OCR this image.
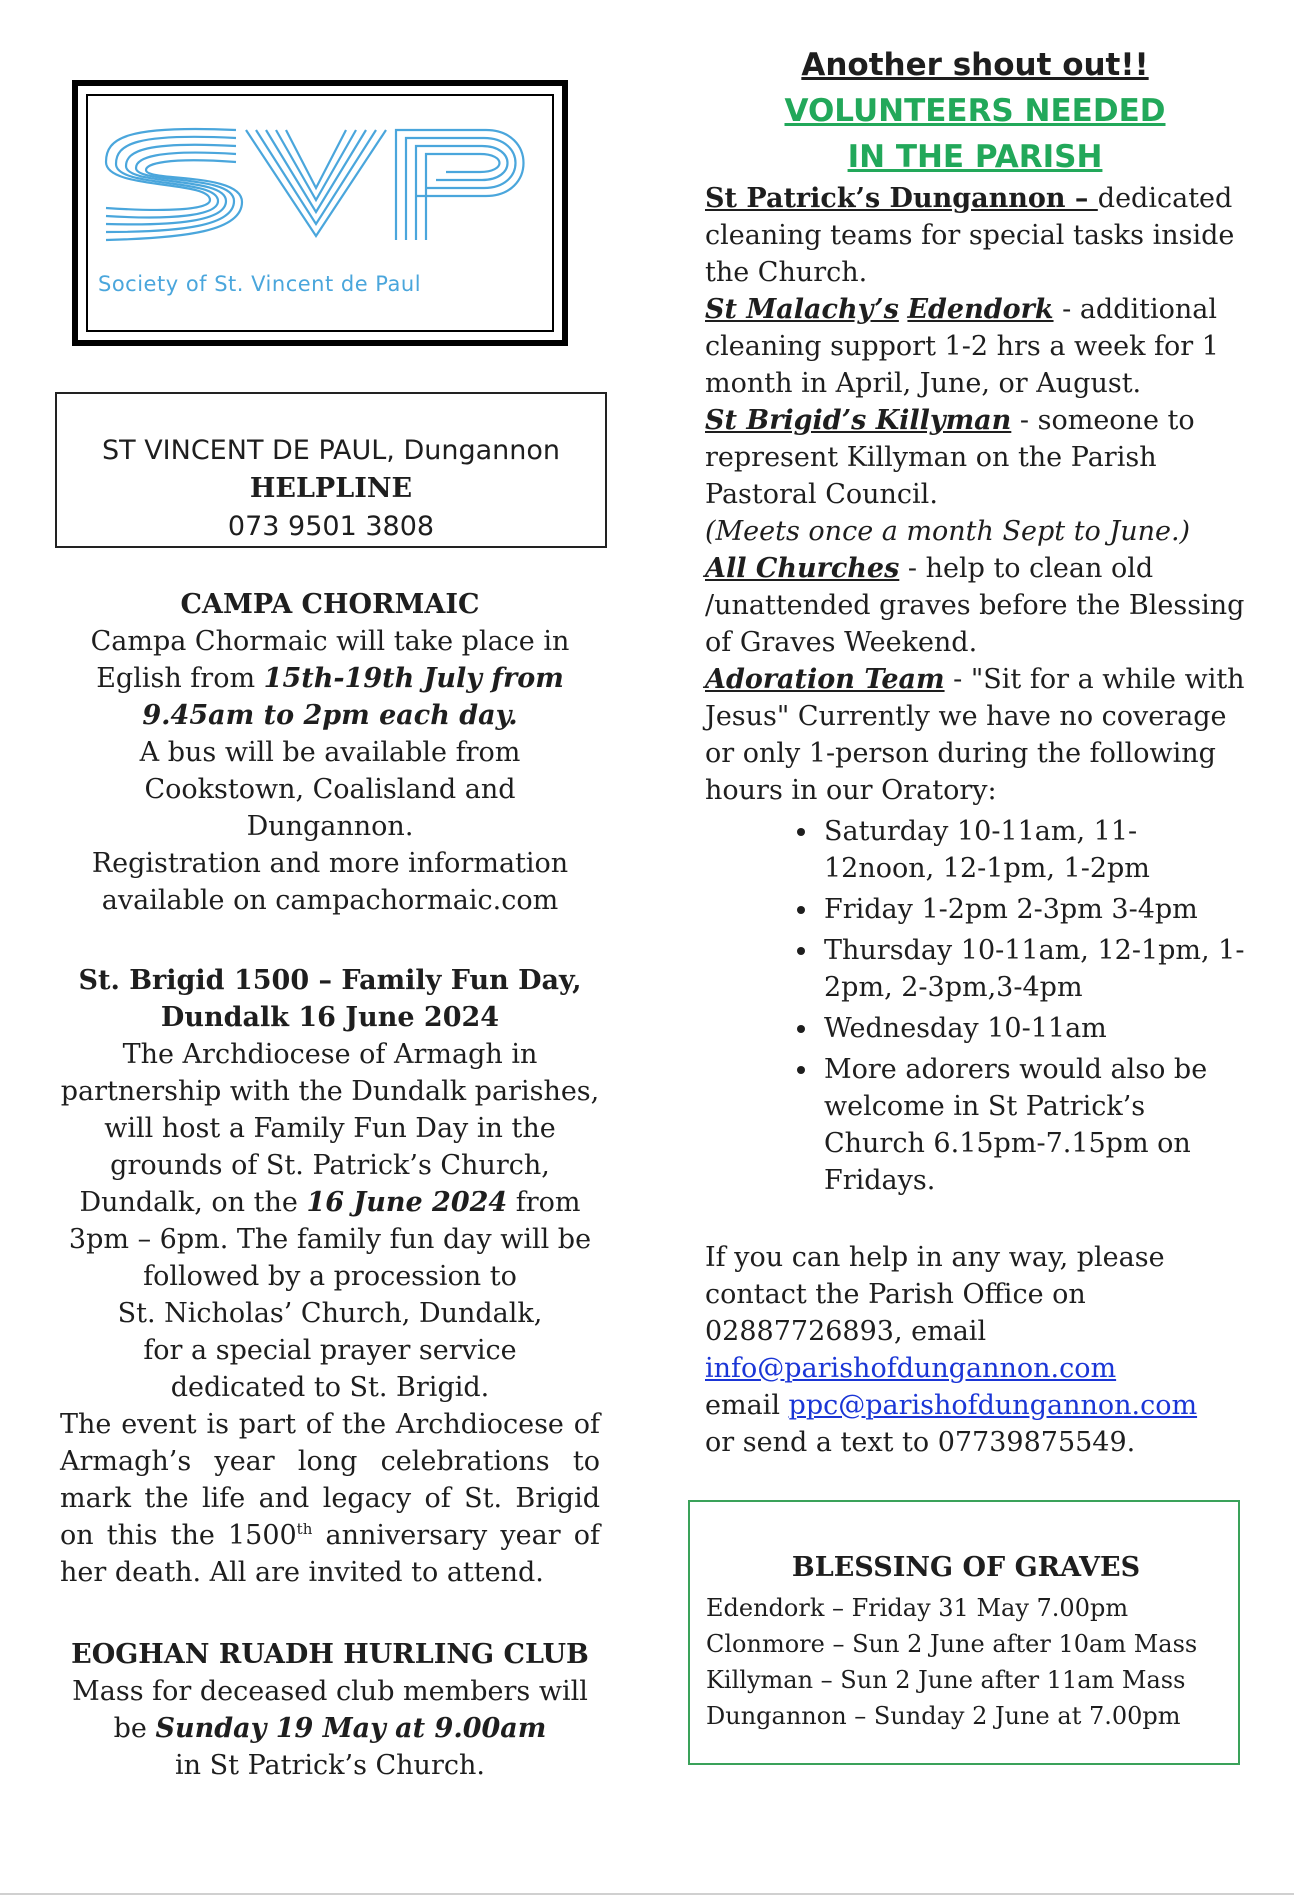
Society of St. Vincent de Paul
ST VINCENT DE PAUL, Dungannon
HELPLINE
073 9501 3808
CAMPA CHORMAIC
Campa Chormaic will take place in Eglish from 15th-19th July from 9.45am to 2pm each day.
A bus will be available from Cookstown, Coalisland and Dungannon.
Registration and more information available on campachormaic.com
St. Brigid 1500 – Family Fun Day,
Dundalk 16 June 2024
The Archdiocese of Armagh in partnership with the Dundalk parishes, will host a Family Fun Day in the grounds of St. Patrick’s Church, Dundalk, on the 16 June 2024 from 3pm – 6pm. The family fun day will be followed by a procession to
St. Nicholas’ Church, Dundalk,
for a special prayer service
dedicated to St. Brigid.
The event is part of the Archdiocese of Armagh’s year long celebrations to mark the life and legacy of St. Brigid on this the 1500th anniversary year of her death. All are invited to attend.
EOGHAN RUADH HURLING CLUB
Mass for deceased club members will be Sunday 19 May at 9.00am
in St Patrick’s Church.
Another shout out!!
VOLUNTEERS NEEDED
IN THE PARISH

St Patrick’s Dungannon – dedicated cleaning teams for special tasks inside the Church.

St Malachy’s Edendork - additional cleaning support 1-2 hrs a week for 1 month in April, June, or August.

St Brigid’s Killyman - someone to represent Killyman on the Parish Pastoral Council.

(Meets once a month Sept to June.)

All Churches - help to clean old /unattended graves before the Blessing of Graves Weekend.

Adoration Team - "Sit for a while with Jesus" Currently we have no coverage or only 1-person during the following hours in our Oratory:

• Saturday 10-11am, 11-12noon, 12-1pm, 1-2pm
• Friday 1-2pm 2-3pm 3-4pm
• Thursday 10-11am, 12-1pm, 1-2pm, 2-3pm,3-4pm
• Wednesday 10-11am
• More adorers would also be welcome in St Patrick’s Church 6.15pm-7.15pm on Fridays.

If you can help in any way, please contact the Parish Office on 02887726893, email

info@parishofdungannon.com

email ppc@parishofdungannon.com

or send a text to 07739875549.

BLESSING OF GRAVES
Edendork – Friday 31 May 7.00pm
Clonmore – Sun 2 June after 10am Mass
Killyman – Sun 2 June after 11am Mass
Dungannon – Sunday 2 June at 7.00pm
